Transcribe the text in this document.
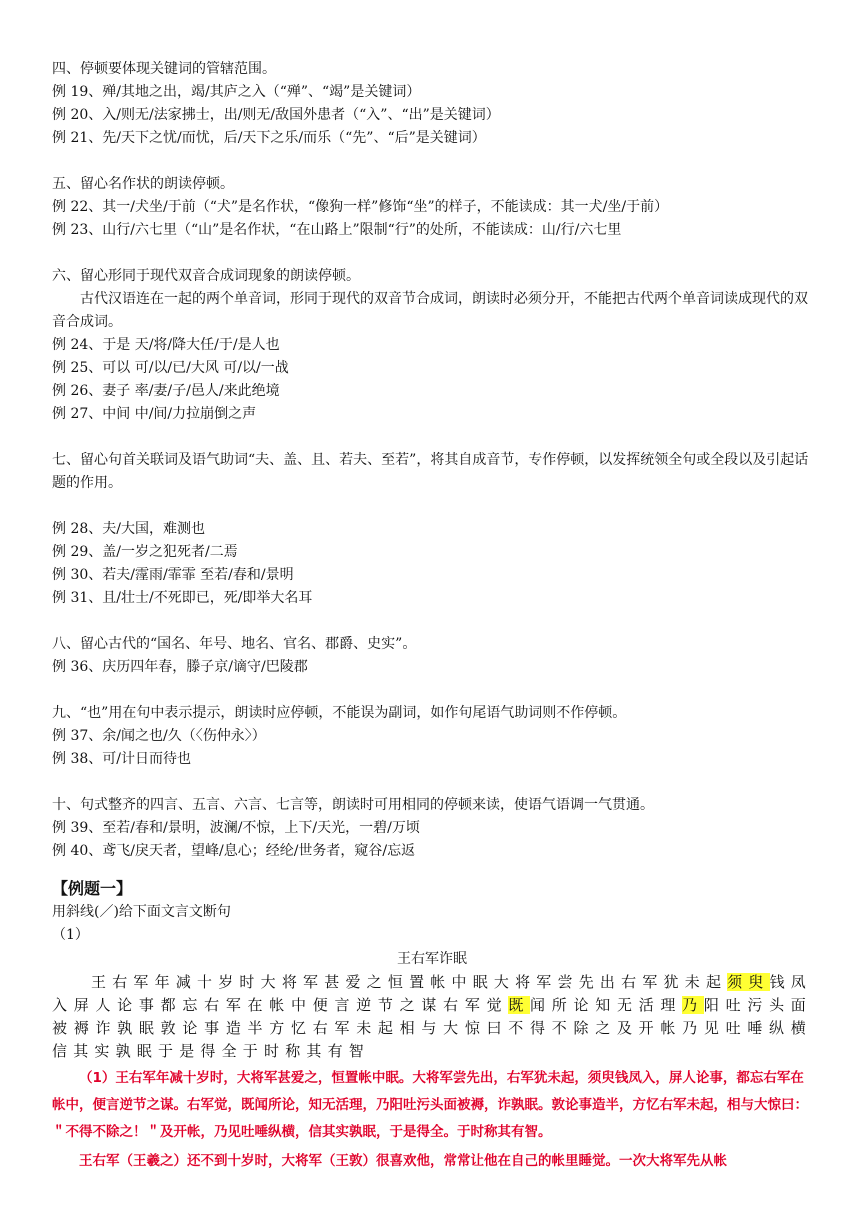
四、停顿要体现关键词的管辖范围。
例 19、殚/其地之出，竭/其庐之入（“殚”、“竭”是关键词）
例 20、入/则无/法家拂士，出/则无/敌国外患者（“入”、“出”是关键词）
例 21、先/天下之忧/而忧，后/天下之乐/而乐（“先”、“后”是关键词）
五、留心名作状的朗读停顿。
例 22、其一/犬坐/于前（“犬”是名作状，“像狗一样”修饰“坐”的样子，不能读成：其一犬/坐/于前）
例 23、山行/六七里（“山”是名作状，“在山路上”限制“行”的处所，不能读成：山/行/六七里
六、留心形同于现代双音合成词现象的朗读停顿。
古代汉语连在一起的两个单音词，形同于现代的双音节合成词，朗读时必须分开，不能把古代两个单音词读成现代的双音合成词。
例 24、于是 天/将/降大任/于/是人也
例 25、可以 可/以/已/大风 可/以/一战
例 26、妻子 率/妻/子/邑人/来此绝境
例 27、中间 中/间/力拉崩倒之声
七、留心句首关联词及语气助词“夫、盖、且、若夫、至若”，将其自成音节，专作停顿，以发挥统领全句或全段以及引起话题的作用。
例 28、夫/大国，难测也
例 29、盖/一岁之犯死者/二焉
例 30、若夫/霪雨/霏霏 至若/春和/景明
例 31、且/壮士/不死即已，死/即举大名耳
八、留心古代的“国名、年号、地名、官名、郡爵、史实”。
例 36、庆历四年春，滕子京/谪守/巴陵郡
九、“也”用在句中表示提示，朗读时应停顿，不能误为副词，如作句尾语气助词则不作停顿。
例 37、余/闻之也/久（〈伤仲永〉）
例 38、可/计日而待也
十、句式整齐的四言、五言、六言、七言等，朗读时可用相同的停顿来读，使语气语调一气贯通。
例 39、至若/春和/景明，波澜/不惊，上下/天光，一碧/万顷
例 40、鸢飞/戾天者，望峰/息心；经纶/世务者，窥谷/忘返
【例题一】
用斜线(／)给下面文言文断句
（1）
王右军诈眠
王右军年减十岁时大将军甚爱之恒置帐中眠大将军尝先出右军犹未起须臾钱凤入屏人论事都忘右军在帐中便言逆节之谋右军觉既闻所论知无活理乃阳吐污头面被褥诈孰眠敦论事造半方忆右军未起相与大惊曰不得不除之及开帐乃见吐唾纵横信其实孰眠于是得全于时称其有智
（1）王右军年减十岁时，大将军甚爱之，恒置帐中眠。大将军尝先出，右军犹未起，须臾钱凤入，屏人论事，都忘右军在帐中，便言逆节之谋。右军觉，既闻所论，知无活理，乃阳吐污头面被褥，诈孰眠。敦论事造半，方忆右军未起，相与大惊曰：＂不得不除之！＂及开帐，乃见吐唾纵横，信其实孰眠，于是得全。于时称其有智。
王右军（王羲之）还不到十岁时，大将军（王敦）很喜欢他，常常让他在自己的帐里睡觉。一次大将军先从帐
